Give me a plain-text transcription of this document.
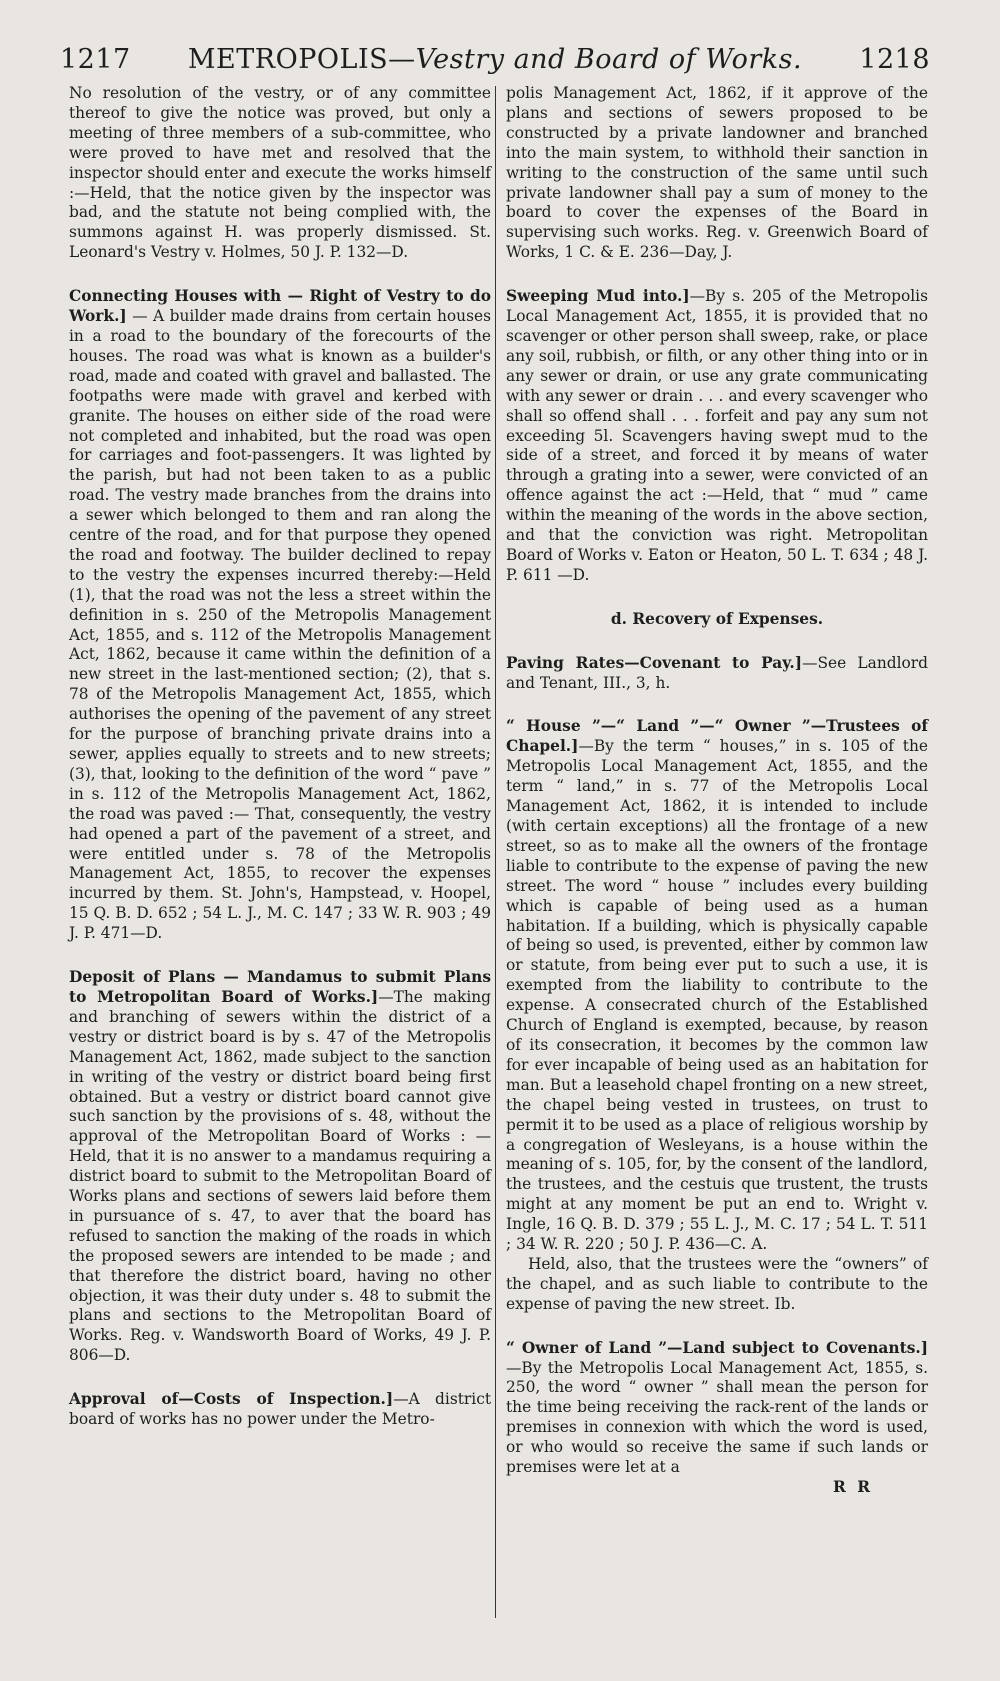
1217	METROPOLIS—Vestry and Board of Works.	1218

No resolution of the vestry, or of any committee thereof to give the notice was proved, but only a meeting of three members of a sub-committee, who were proved to have met and resolved that the inspector should enter and execute the works himself :—Held, that the notice given by the inspector was bad, and the statute not being complied with, the summons against H. was properly dismissed. St. Leonard's Vestry v. Holmes, 50 J. P. 132—D.

Connecting Houses with — Right of Vestry to do Work.] — A builder made drains from certain houses in a road to the boundary of the forecourts of the houses. The road was what is known as a builder's road, made and coated with gravel and ballasted. The footpaths were made with gravel and kerbed with granite. The houses on either side of the road were not completed and inhabited, but the road was open for carriages and foot-passengers. It was lighted by the parish, but had not been taken to as a public road. The vestry made branches from the drains into a sewer which belonged to them and ran along the centre of the road, and for that purpose they opened the road and footway. The builder declined to repay to the vestry the expenses incurred thereby:—Held (1), that the road was not the less a street within the definition in s. 250 of the Metropolis Management Act, 1855, and s. 112 of the Metropolis Management Act, 1862, because it came within the definition of a new street in the last-mentioned section; (2), that s. 78 of the Metropolis Management Act, 1855, which authorises the opening of the pavement of any street for the purpose of branching private drains into a sewer, applies equally to streets and to new streets; (3), that, looking to the definition of the word “ pave ” in s. 112 of the Metropolis Management Act, 1862, the road was paved :— That, consequently, the vestry had opened a part of the pavement of a street, and were entitled under s. 78 of the Metropolis Management Act, 1855, to recover the expenses incurred by them. St. John's, Hampstead, v. Hoopel, 15 Q. B. D. 652 ; 54 L. J., M. C. 147 ; 33 W. R. 903 ; 49 J. P. 471—D.

Deposit of Plans — Mandamus to submit Plans to Metropolitan Board of Works.]—The making and branching of sewers within the district of a vestry or district board is by s. 47 of the Metropolis Management Act, 1862, made subject to the sanction in writing of the vestry or district board being first obtained. But a vestry or district board cannot give such sanction by the provisions of s. 48, without the approval of the Metropolitan Board of Works : —Held, that it is no answer to a mandamus requiring a district board to submit to the Metropolitan Board of Works plans and sections of sewers laid before them in pursuance of s. 47, to aver that the board has refused to sanction the making of the roads in which the proposed sewers are intended to be made ; and that therefore the district board, having no other objection, it was their duty under s. 48 to submit the plans and sections to the Metropolitan Board of Works. Reg. v. Wandsworth Board of Works, 49 J. P. 806—D.

Approval of—Costs of Inspection.]—A district board of works has no power under the Metro-

polis Management Act, 1862, if it approve of the plans and sections of sewers proposed to be constructed by a private landowner and branched into the main system, to withhold their sanction in writing to the construction of the same until such private landowner shall pay a sum of money to the board to cover the expenses of the Board in supervising such works. Reg. v. Greenwich Board of Works, 1 C. & E. 236—Day, J.

Sweeping Mud into.]—By s. 205 of the Metropolis Local Management Act, 1855, it is provided that no scavenger or other person shall sweep, rake, or place any soil, rubbish, or filth, or any other thing into or in any sewer or drain, or use any grate communicating with any sewer or drain . . . and every scavenger who shall so offend shall . . . forfeit and pay any sum not exceeding 5l. Scavengers having swept mud to the side of a street, and forced it by means of water through a grating into a sewer, were convicted of an offence against the act :—Held, that “ mud ” came within the meaning of the words in the above section, and that the conviction was right. Metropolitan Board of Works v. Eaton or Heaton, 50 L. T. 634 ; 48 J. P. 611 —D.

d. Recovery of Expenses.

Paving Rates—Covenant to Pay.]—See Landlord and Tenant, III., 3, h.

“ House ”—“ Land ”—“ Owner ”—Trustees of Chapel.]—By the term “ houses,” in s. 105 of the Metropolis Local Management Act, 1855, and the term “ land,” in s. 77 of the Metropolis Local Management Act, 1862, it is intended to include (with certain exceptions) all the frontage of a new street, so as to make all the owners of the frontage liable to contribute to the expense of paving the new street. The word “ house ” includes every building which is capable of being used as a human habitation. If a building, which is physically capable of being so used, is prevented, either by common law or statute, from being ever put to such a use, it is exempted from the liability to contribute to the expense. A consecrated church of the Established Church of England is exempted, because, by reason of its consecration, it becomes by the common law for ever incapable of being used as an habitation for man. But a leasehold chapel fronting on a new street, the chapel being vested in trustees, on trust to permit it to be used as a place of religious worship by a congregation of Wesleyans, is a house within the meaning of s. 105, for, by the consent of the landlord, the trustees, and the cestuis que trustent, the trusts might at any moment be put an end to. Wright v. Ingle, 16 Q. B. D. 379 ; 55 L. J., M. C. 17 ; 54 L. T. 511 ; 34 W. R. 220 ; 50 J. P. 436—C. A.

Held, also, that the trustees were the “owners” of the chapel, and as such liable to contribute to the expense of paving the new street. Ib.

“ Owner of Land ”—Land subject to Covenants.]—By the Metropolis Local Management Act, 1855, s. 250, the word “ owner ” shall mean the person for the time being receiving the rack-rent of the lands or premises in connexion with which the word is used, or who would so receive the same if such lands or premises were let at a

R R
